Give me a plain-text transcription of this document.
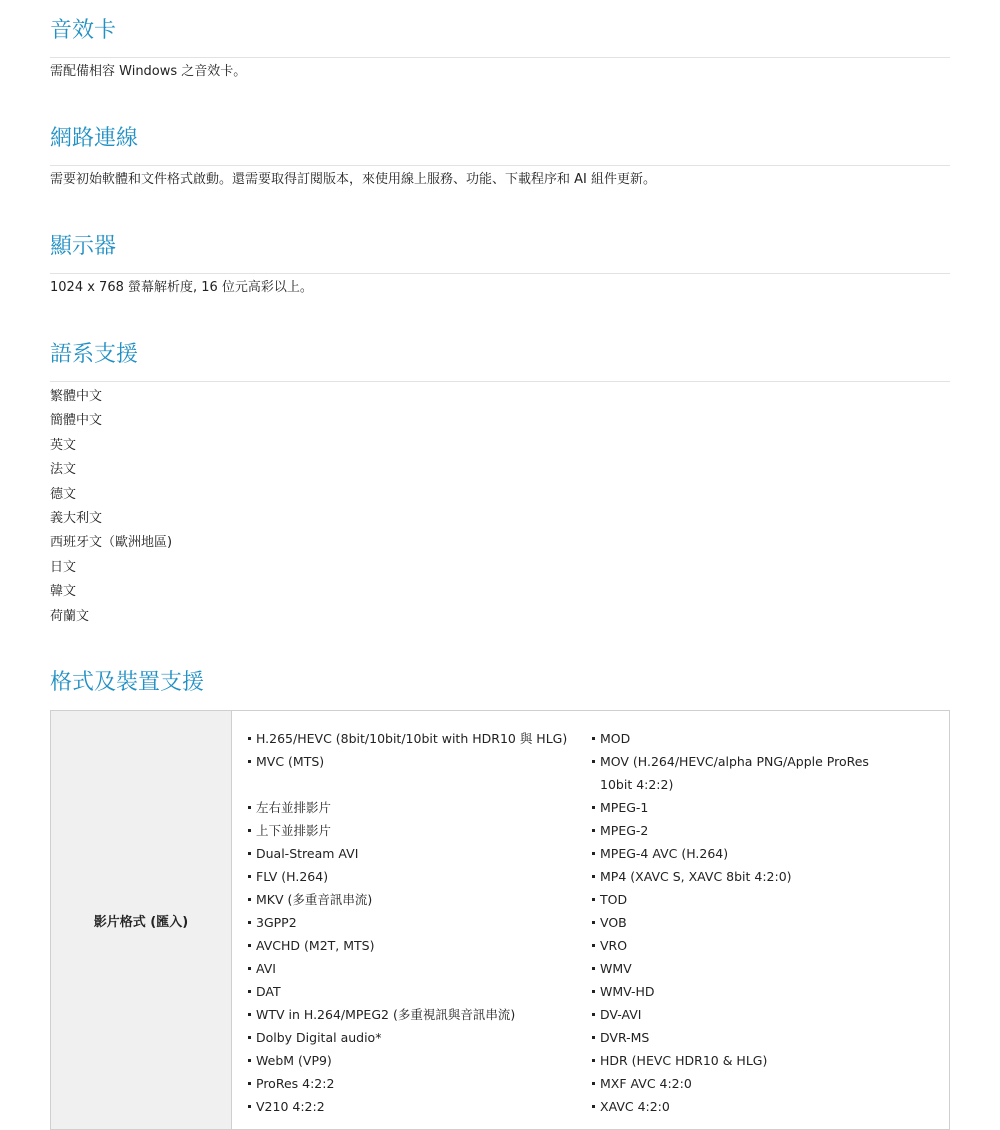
音效卡

需配備相容 Windows 之音效卡。

網路連線

需要初始軟體和文件格式啟動。還需要取得訂閱版本，來使用線上服務、功能、下載程序和 AI 組件更新。

顯示器

1024 x 768 螢幕解析度, 16 位元高彩以上。

語系支援
繁體中文
簡體中文
英文
法文
德文
義大利文
西班牙文（歐洲地區)
日文
韓文
荷蘭文
格式及裝置支援
影片格式 (匯入)
H.265/HEVC (8bit/10bit/10bit with HDR10 與 HLG)
MVC (MTS)
左右並排影片
上下並排影片
Dual-Stream AVI
FLV (H.264)
MKV (多重音訊串流)
3GPP2
AVCHD (M2T, MTS)
AVI
DAT
WTV in H.264/MPEG2 (多重視訊與音訊串流)
Dolby Digital audio*
WebM (VP9)
ProRes 4:2:2
V210 4:2:2
MOD
MOV (H.264/HEVC/alpha PNG/Apple ProRes 10bit 4:2:2)
MPEG-1
MPEG-2
MPEG-4 AVC (H.264)
MP4 (XAVC S, XAVC 8bit 4:2:0)
TOD
VOB
VRO
WMV
WMV-HD
DV-AVI
DVR-MS
HDR (HEVC HDR10 & HLG)
MXF AVC 4:2:0
XAVC 4:2:0
